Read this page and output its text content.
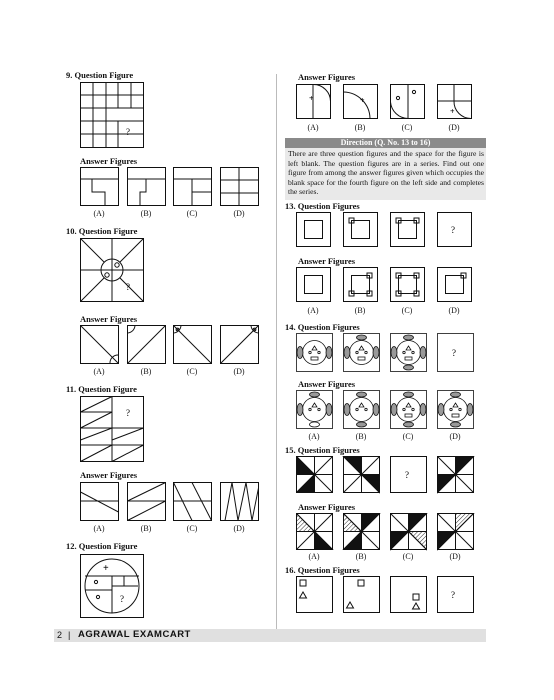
9. Question Figure
?
Answer Figures
(A)	(B)	(C)	(D)
10. Question Figure
?
Answer Figures
(A)	(B)	(C)	(D)
11. Question Figure
?
Answer Figures
(A)	(B)	(C)	(D)
12. Question Figure
+
?
Answer Figures
+	+
+
(A)	(B)	(C)	(D)
Direction (Q. No. 13 to 16)
There are three question figures and the space for the figure is left blank. The question figures are in a series. Find out one figure from among the answer figures given which occupies the blank space for the fourth figure on the left side and completes the series.
13. Question Figures
?
Answer Figures
(A)	(B)	(C)	(D)
14. Question Figures
?
Answer Figures
(A)	(B)	(C)	(D)
15. Question Figures
?
Answer Figures
(A)	(B)	(C)	(D)
16. Question Figures
?
2 | AGRAWAL EXAMCART
